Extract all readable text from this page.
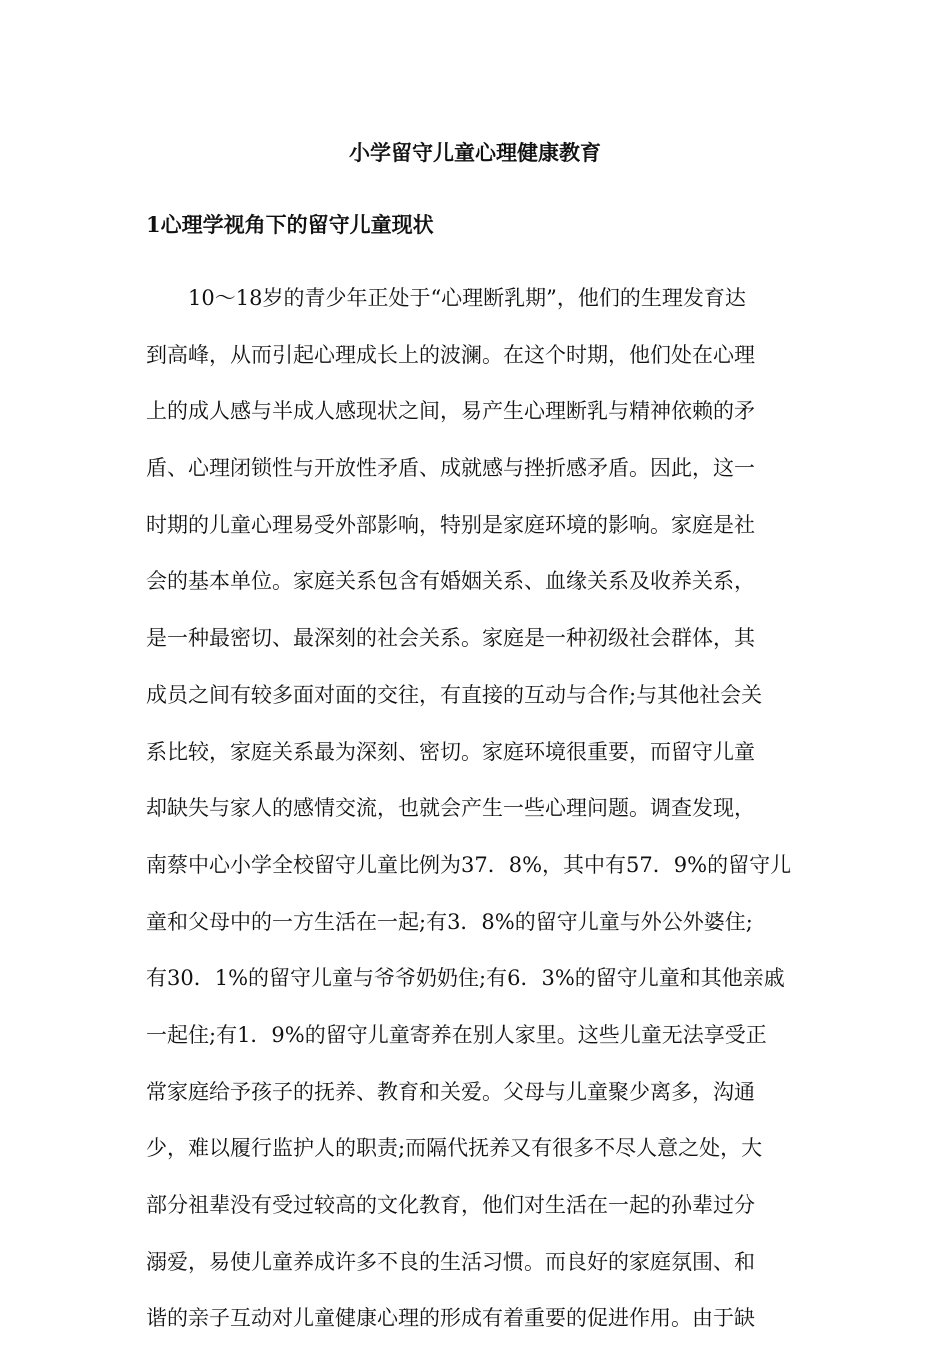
小学留守儿童心理健康教育
1心理学视角下的留守儿童现状
10～18岁的青少年正处于“心理断乳期”，他们的生理发育达
到高峰，从而引起心理成长上的波澜。在这个时期，他们处在心理
上的成人感与半成人感现状之间，易产生心理断乳与精神依赖的矛
盾、心理闭锁性与开放性矛盾、成就感与挫折感矛盾。因此，这一
时期的儿童心理易受外部影响，特别是家庭环境的影响。家庭是社
会的基本单位。家庭关系包含有婚姻关系、血缘关系及收养关系，
是一种最密切、最深刻的社会关系。家庭是一种初级社会群体，其
成员之间有较多面对面的交往，有直接的互动与合作;与其他社会关
系比较，家庭关系最为深刻、密切。家庭环境很重要，而留守儿童
却缺失与家人的感情交流，也就会产生一些心理问题。调查发现，
南蔡中心小学全校留守儿童比例为37．8%，其中有57．9%的留守儿
童和父母中的一方生活在一起;有3．8%的留守儿童与外公外婆住;
有30．1%的留守儿童与爷爷奶奶住;有6．3%的留守儿童和其他亲戚
一起住;有1．9%的留守儿童寄养在别人家里。这些儿童无法享受正
常家庭给予孩子的抚养、教育和关爱。父母与儿童聚少离多，沟通
少，难以履行监护人的职责;而隔代抚养又有很多不尽人意之处，大
部分祖辈没有受过较高的文化教育，他们对生活在一起的孙辈过分
溺爱，易使儿童养成许多不良的生活习惯。而良好的家庭氛围、和
谐的亲子互动对儿童健康心理的形成有着重要的促进作用。由于缺
